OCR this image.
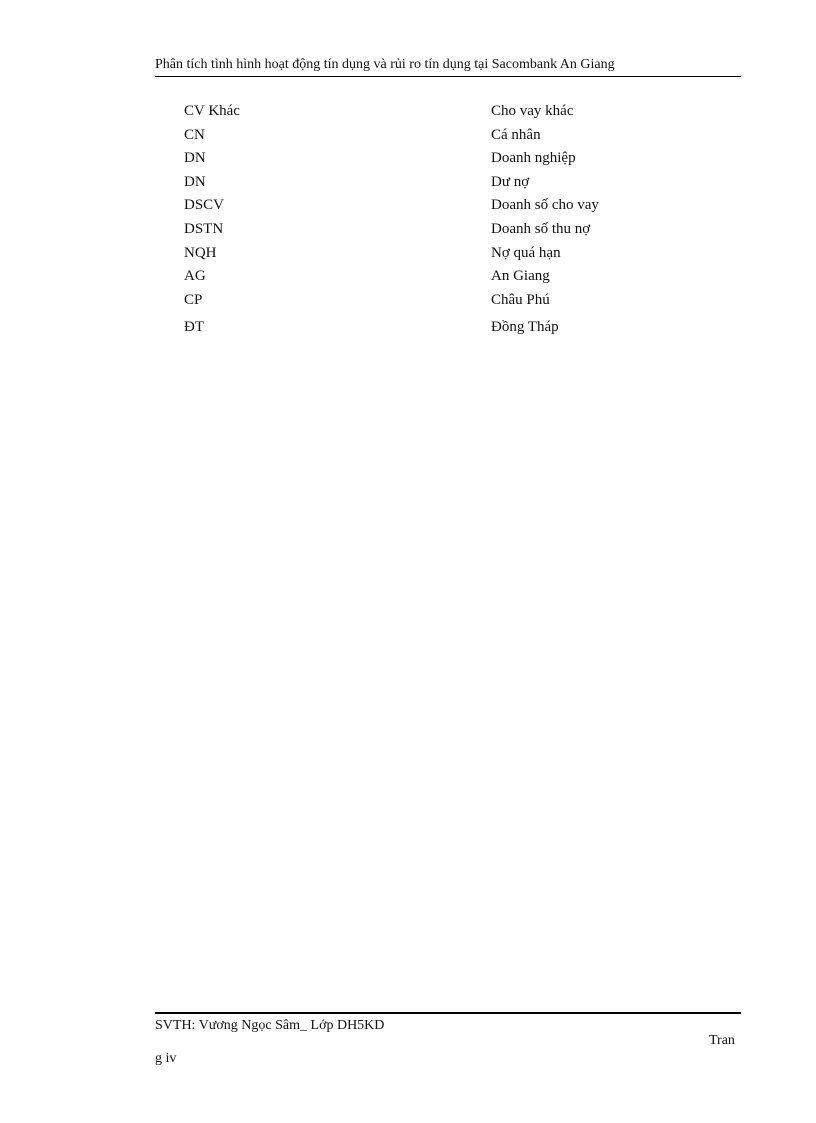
Phân tích tình hình hoạt động tín dụng và rủi ro tín dụng tại Sacombank An Giang
CV Khác	Cho vay khác
CN	Cá nhân
DN	Doanh nghiệp
DN	Dư nợ
DSCV	Doanh số cho vay
DSTN	Doanh số thu nợ
NQH	Nợ quá hạn
AG	An Giang
CP	Châu Phú
ĐT	Đồng Tháp
SVTH: Vương Ngọc Sâm_ Lớp DH5KD
Tran
g iv
